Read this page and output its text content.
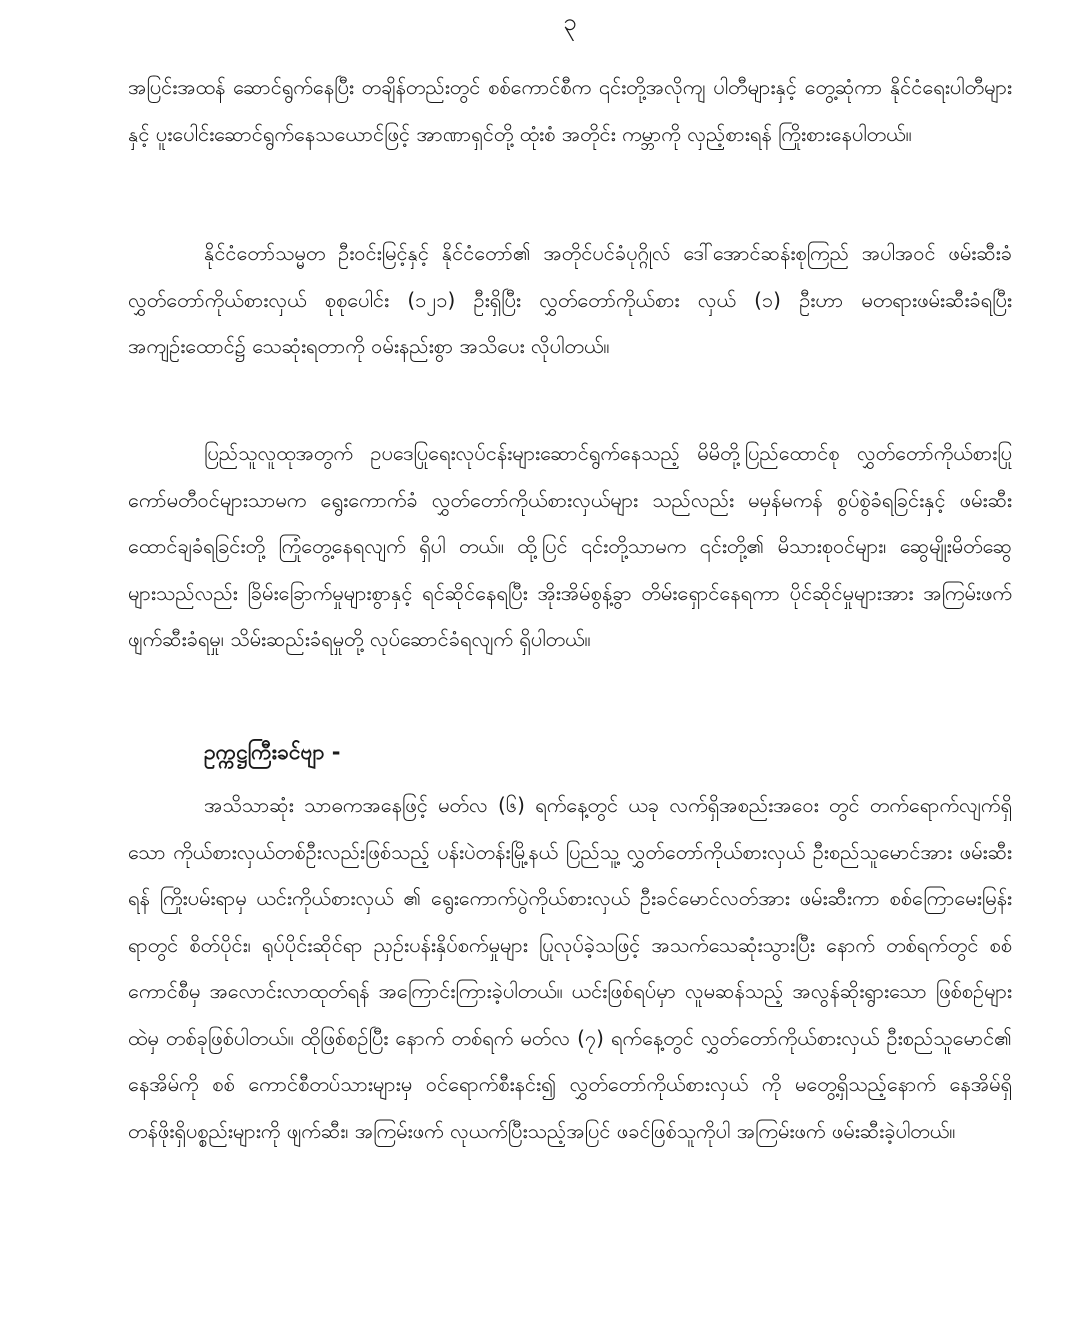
၃

အပြင်းအထန် ဆောင်ရွက်နေပြီး တချိန်တည်းတွင် စစ်ကောင်စီက ၎င်းတို့အလိုကျ ပါတီများနှင့် တွေ့ဆုံကာ နိုင်ငံရေးပါတီများနှင့် ပူးပေါင်းဆောင်ရွက်နေသယောင်ဖြင့် အာဏာရှင်တို့ ထုံးစံ အတိုင်း ကမ္ဘာကို လှည့်စားရန် ကြိုးစားနေပါတယ်။

နိုင်ငံတော်သမ္မတ ဦးဝင်းမြင့်နှင့် နိုင်ငံတော်၏ အတိုင်ပင်ခံပုဂ္ဂိုလ် ဒေါ်အောင်ဆန်းစုကြည် အပါအဝင် ဖမ်းဆီးခံ လွှတ်တော်ကိုယ်စားလှယ် စုစုပေါင်း (၁၂၁) ဦးရှိပြီး လွှတ်တော်ကိုယ်စား လှယ် (၁) ဦးဟာ မတရားဖမ်းဆီးခံရပြီး အကျဉ်းထောင်၌ သေဆုံးရတာကို ဝမ်းနည်းစွာ အသိပေး လိုပါတယ်။

ပြည်သူလူထုအတွက် ဥပဒေပြုရေးလုပ်ငန်းများဆောင်ရွက်နေသည့် မိမိတို့ပြည်ထောင်စု လွှတ်တော်ကိုယ်စားပြုကော်မတီဝင်များသာမက ရွေးကောက်ခံ လွှတ်တော်ကိုယ်စားလှယ်များ သည်လည်း မမှန်မကန် စွပ်စွဲခံရခြင်းနှင့် ဖမ်းဆီးထောင်ချခံရခြင်းတို့ ကြုံတွေ့နေရလျက် ရှိပါ တယ်။ ထို့ပြင် ၎င်းတို့သာမက ၎င်းတို့၏ မိသားစုဝင်များ၊ ဆွေမျိုးမိတ်ဆွေများသည်လည်း ခြိမ်းခြောက်မှုများစွာနှင့် ရင်ဆိုင်နေရပြီး အိုးအိမ်စွန့်ခွာ တိမ်းရှောင်နေရကာ ပိုင်ဆိုင်မှုများအား အကြမ်းဖက် ဖျက်ဆီးခံရမှု၊ သိမ်းဆည်းခံရမှုတို့ လုပ်ဆောင်ခံရလျက် ရှိပါတယ်။

ဥက္ကဋ္ဌကြီးခင်ဗျာ -

အသိသာဆုံး သာဓကအနေဖြင့် မတ်လ (၆) ရက်နေ့တွင် ယခု လက်ရှိအစည်းအဝေး တွင် တက်ရောက်လျက်ရှိသော ကိုယ်စားလှယ်တစ်ဦးလည်းဖြစ်သည့် ပန်းပဲတန်းမြို့နယ် ပြည်သူ့ လွှတ်တော်ကိုယ်စားလှယ် ဦးစည်သူမောင်အား ဖမ်းဆီးရန် ကြိုးပမ်းရာမှ ယင်းကိုယ်စားလှယ် ၏ ရွေးကောက်ပွဲကိုယ်စားလှယ် ဦးခင်မောင်လတ်အား ဖမ်းဆီးကာ စစ်ကြောမေးမြန်းရာတွင် စိတ်ပိုင်း၊ ရုပ်ပိုင်းဆိုင်ရာ ညှဉ်းပန်းနှိပ်စက်မှုများ ပြုလုပ်ခဲ့သဖြင့် အသက်သေဆုံးသွားပြီး နောက် တစ်ရက်တွင် စစ်ကောင်စီမှ အလောင်းလာထုတ်ရန် အကြောင်းကြားခဲ့ပါတယ်။ ယင်းဖြစ်ရပ်မှာ လူမဆန်သည့် အလွန်ဆိုးရွားသော ဖြစ်စဉ်များထဲမှ တစ်ခုဖြစ်ပါတယ်။ ထိုဖြစ်စဉ်ပြီး နောက် တစ်ရက် မတ်လ (၇) ရက်နေ့တွင် လွှတ်တော်ကိုယ်စားလှယ် ဦးစည်သူမောင်၏ နေအိမ်ကို စစ် ကောင်စီတပ်သားများမှ ဝင်ရောက်စီးနင်း၍ လွှတ်တော်ကိုယ်စားလှယ် ကို မတွေ့ရှိသည့်နောက် နေအိမ်ရှိ တန်ဖိုးရှိပစ္စည်းများကို ဖျက်ဆီး၊ အကြမ်းဖက် လုယက်ပြီးသည့်အပြင် ဖခင်ဖြစ်သူကိုပါ အကြမ်းဖက် ဖမ်းဆီးခဲ့ပါတယ်။
